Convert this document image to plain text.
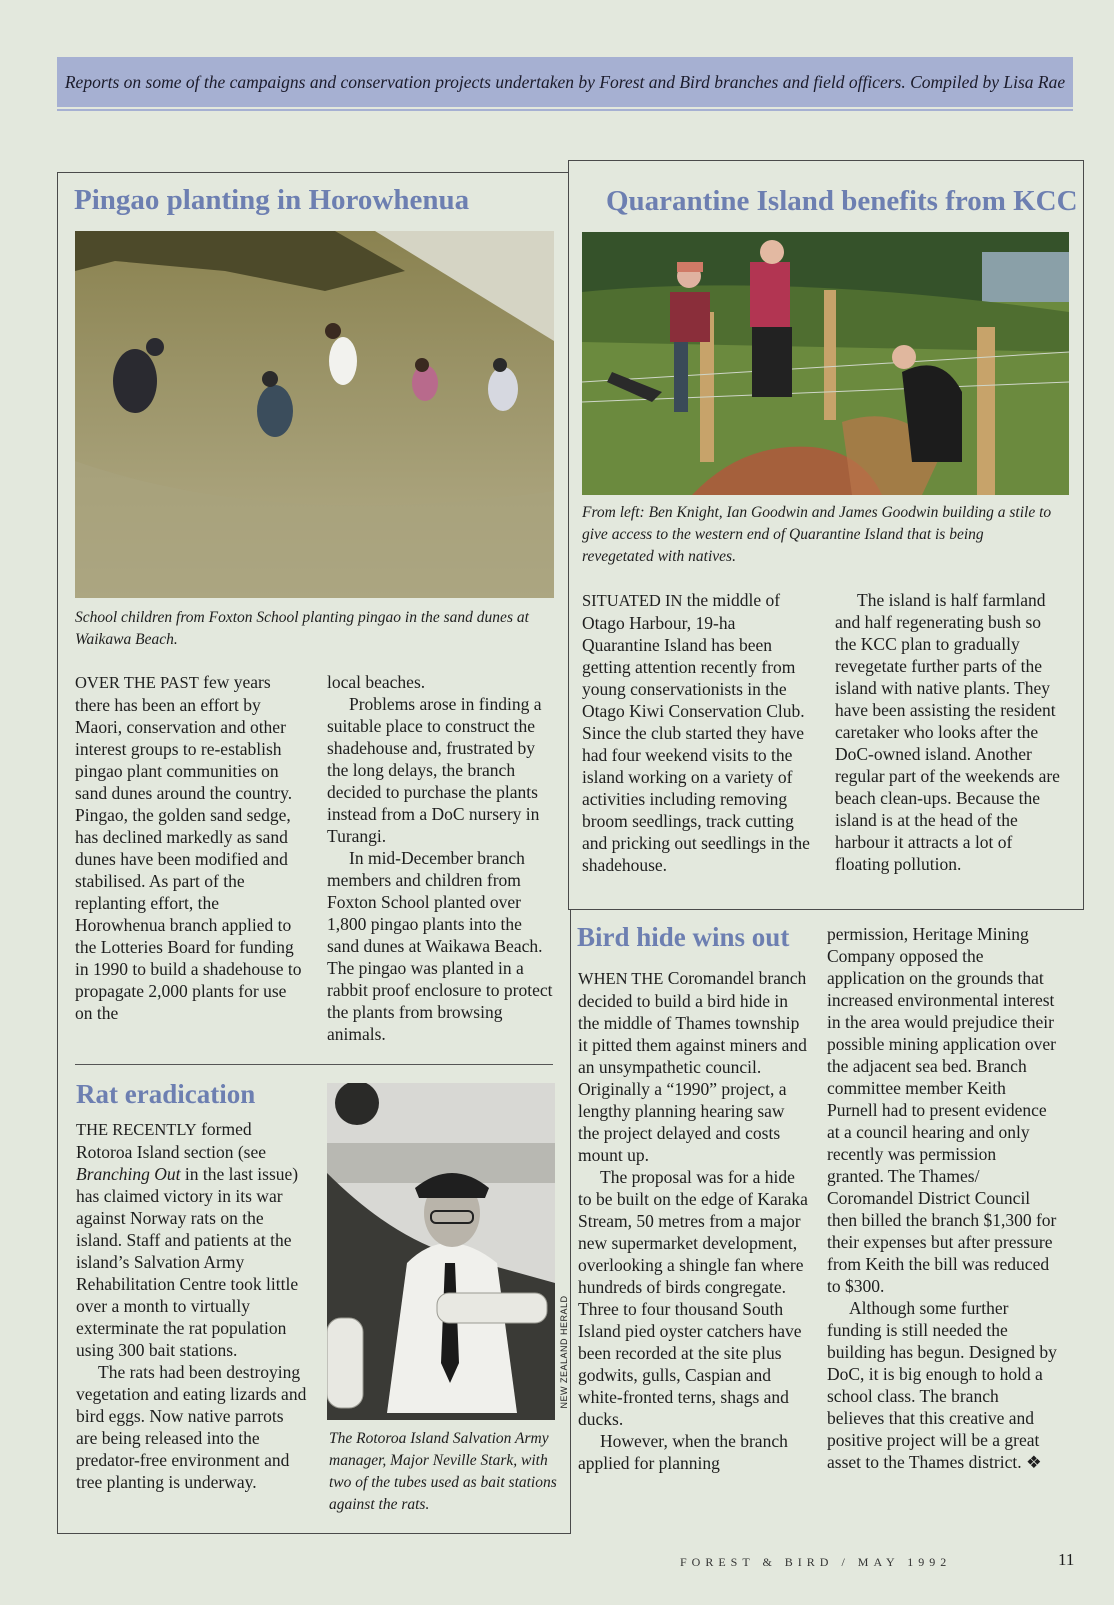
Reports on some of the campaigns and conservation projects undertaken by Forest and Bird branches and field officers. Compiled by Lisa Rae
Pingao planting in Horowhenua

School children from Foxton School planting pingao in the sand dunes at Waikawa Beach.

OVER THE PAST few years there has been an effort by Maori, conservation and other interest groups to re-establish pingao plant communities on sand dunes around the country. Pingao, the golden sand sedge, has declined markedly as sand dunes have been modified and stabilised. As part of the replanting effort, the Horowhenua branch applied to the Lotteries Board for funding in 1990 to build a shadehouse to propagate 2,000 plants for use on the

local beaches.

Problems arose in finding a suitable place to construct the shadehouse and, frustrated by the long delays, the branch decided to purchase the plants instead from a DoC nursery in Turangi.

In mid-December branch members and children from Foxton School planted over 1,800 pingao plants into the sand dunes at Waikawa Beach. The pingao was planted in a rabbit proof enclosure to protect the plants from browsing animals.

Rat eradication

THE RECENTLY formed Rotoroa Island section (see Branching Out in the last issue) has claimed victory in its war against Norway rats on the island. Staff and patients at the island’s Salvation Army Rehabilitation Centre took little over a month to virtually exterminate the rat population using 300 bait stations.

The rats had been destroying vegetation and eating lizards and bird eggs. Now native parrots are being released into the predator-free environment and tree planting is underway.

NEW ZEALAND HERALD

The Rotoroa Island Salvation Army manager, Major Neville Stark, with two of the tubes used as bait stations against the rats.

Quarantine Island benefits from KCC

From left: Ben Knight, Ian Goodwin and James Goodwin building a stile to give access to the western end of Quarantine Island that is being revegetated with natives.

SITUATED IN the middle of Otago Harbour, 19-ha Quarantine Island has been getting attention recently from young conservationists in the Otago Kiwi Conservation Club. Since the club started they have had four weekend visits to the island working on a variety of activities including removing broom seedlings, track cutting and pricking out seedlings in the shadehouse.

The island is half farmland and half regenerating bush so the KCC plan to gradually revegetate further parts of the island with native plants. They have been assisting the resident caretaker who looks after the DoC-owned island. Another regular part of the weekends are beach clean-ups. Because the island is at the head of the harbour it attracts a lot of floating pollution.

Bird hide wins out

WHEN THE Coromandel branch decided to build a bird hide in the middle of Thames township it pitted them against miners and an unsympathetic council. Originally a “1990” project, a lengthy planning hearing saw the project delayed and costs mount up.

The proposal was for a hide to be built on the edge of Karaka Stream, 50 metres from a major new supermarket development, overlooking a shingle fan where hundreds of birds congregate. Three to four thousand South Island pied oyster catchers have been recorded at the site plus godwits, gulls, Caspian and white-fronted terns, shags and ducks.

However, when the branch applied for planning

permission, Heritage Mining Company opposed the application on the grounds that increased environmental interest in the area would prejudice their possible mining application over the adjacent sea bed. Branch committee member Keith Purnell had to present evidence at a council hearing and only recently was permission granted. The Thames/ Coromandel District Council then billed the branch $1,300 for their expenses but after pressure from Keith the bill was reduced to $300.

Although some further funding is still needed the building has begun. Designed by DoC, it is big enough to hold a school class. The branch believes that this creative and positive project will be a great asset to the Thames district. ❖

FOREST & BIRD / MAY 1992	11
